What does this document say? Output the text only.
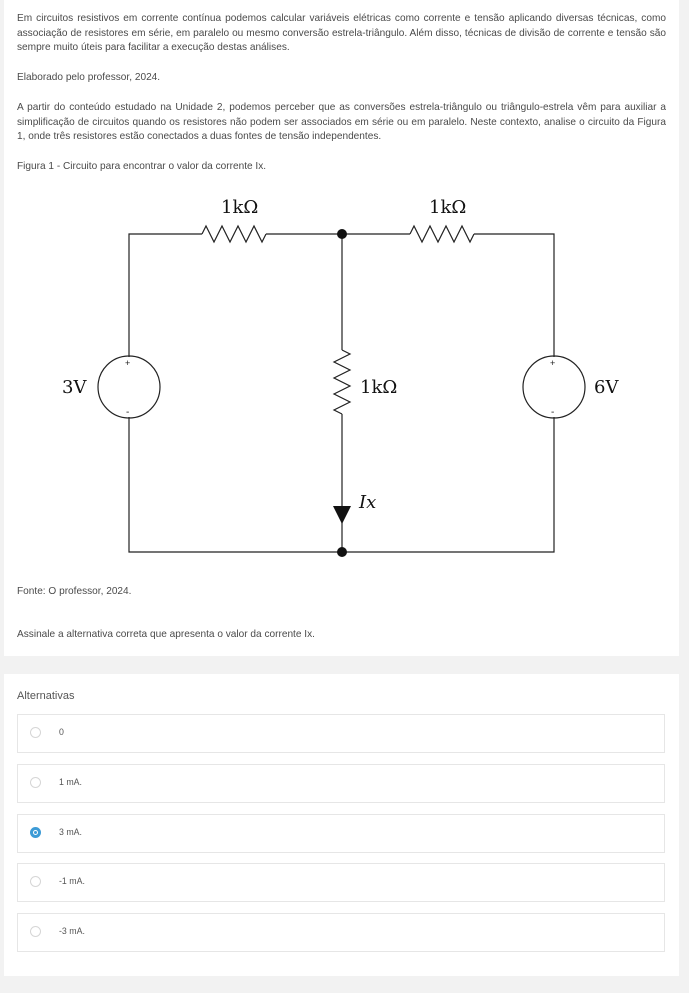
Em circuitos resistivos em corrente contínua podemos calcular variáveis elétricas como corrente e tensão aplicando diversas técnicas, como associação de resistores em série, em paralelo ou mesmo conversão estrela-triângulo. Além disso, técnicas de divisão de corrente e tensão são sempre muito úteis para facilitar a execução destas análises.

Elaborado pelo professor, 2024.

A partir do conteúdo estudado na Unidade 2, podemos perceber que as conversões estrela-triângulo ou triângulo-estrela vêm para auxiliar a simplificação de circuitos quando os resistores não podem ser associados em série ou em paralelo. Neste contexto, analise o circuito da Figura 1, onde três resistores estão conectados a duas fontes de tensão independentes.

Figura 1 - Circuito para encontrar o valor da corrente Ix.

+
-
+
-
1kΩ	1kΩ
1kΩ
3V	6V
Ix

Fonte: O professor, 2024.

Assinale a alternativa correta que apresenta o valor da corrente Ix.

Alternativas
0
1 mA.
3 mA.
-1 mA.
-3 mA.
